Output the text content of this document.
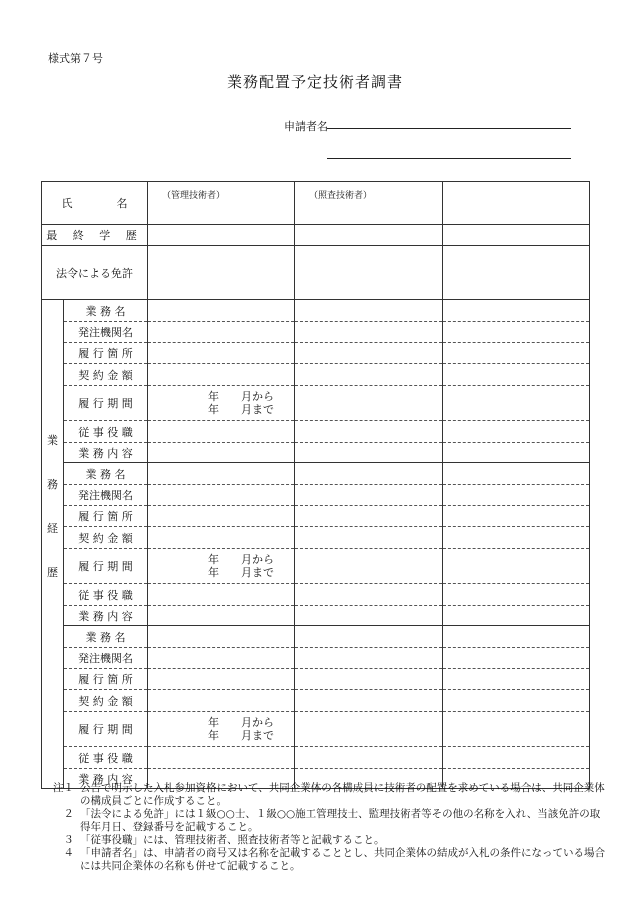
様式第７号
業務配置予定技術者調書
申請者名
氏　　　　名		（管理技術者）	（照査技術者）	
最 終 学 歴				
法令による免許				

業
務
経
歴	業 務 名			
	発注機関名			
	履 行 箇 所			
	契 約 金 額			
	履 行 期 間	年　　月から
年　　月まで		

	従 事 役 職			
	業 務 内 容			
	業 務 名			
	発注機関名			
	履 行 箇 所			
	契 約 金 額			
	履 行 期 間	年　　月から
年　　月まで		

	従 事 役 職			
	業 務 内 容			
	業 務 名			
	発注機関名			
	履 行 箇 所			
	契 約 金 額			
	履 行 期 間	年　　月から
年　　月まで		

	従 事 役 職			
	業 務 内 容			
注１ 公告で明示した入札参加資格において、共同企業体の各構成員に技術者の配置を求めている場合は、共同企業体の構成員ごとに作成すること。
２ 「法令による免許」には１級○○士、１級○○施工管理技士、監理技術者等その他の名称を入れ、当該免許の取得年月日、登録番号を記載すること。
３ 「従事役職」には、管理技術者、照査技術者等と記載すること。
４ 「申請者名」は、申請者の商号又は名称を記載することとし、共同企業体の結成が入札の条件になっている場合には共同企業体の名称も併せて記載すること。
